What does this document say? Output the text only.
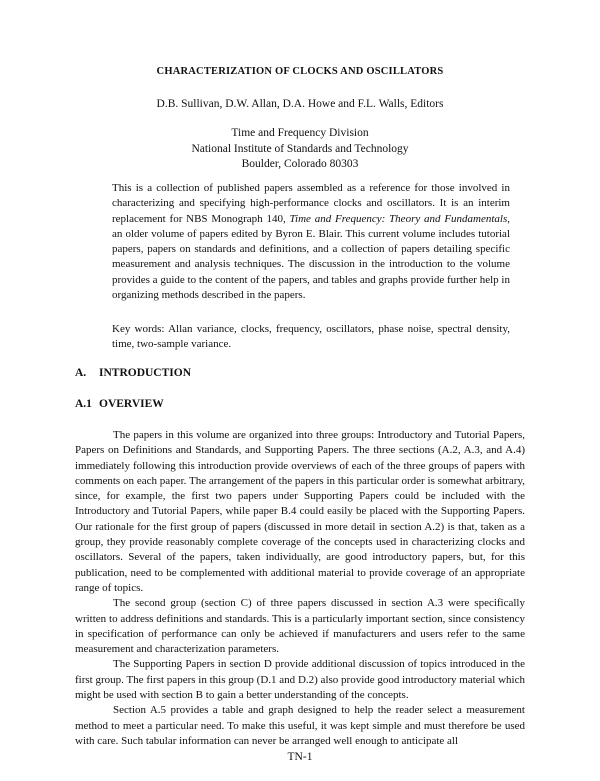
CHARACTERIZATION OF CLOCKS AND OSCILLATORS
D.B. Sullivan, D.W. Allan, D.A. Howe and F.L. Walls, Editors
Time and Frequency Division
National Institute of Standards and Technology
Boulder, Colorado 80303
This is a collection of published papers assembled as a reference for those involved in characterizing and specifying high-performance clocks and oscillators. It is an interim replacement for NBS Monograph 140, Time and Frequency: Theory and Fundamentals, an older volume of papers edited by Byron E. Blair. This current volume includes tutorial papers, papers on standards and definitions, and a collection of papers detailing specific measurement and analysis techniques. The discussion in the introduction to the volume provides a guide to the content of the papers, and tables and graphs provide further help in organizing methods described in the papers.
Key words: Allan variance, clocks, frequency, oscillators, phase noise, spectral density, time, two-sample variance.
A. INTRODUCTION
A.1 OVERVIEW

The papers in this volume are organized into three groups: Introductory and Tutorial Papers, Papers on Definitions and Standards, and Supporting Papers. The three sections (A.2, A.3, and A.4) immediately following this introduction provide overviews of each of the three groups of papers with comments on each paper. The arrangement of the papers in this particular order is somewhat arbitrary, since, for example, the first two papers under Supporting Papers could be included with the Introductory and Tutorial Papers, while paper B.4 could easily be placed with the Supporting Papers. Our rationale for the first group of papers (discussed in more detail in section A.2) is that, taken as a group, they provide reasonably complete coverage of the concepts used in characterizing clocks and oscillators. Several of the papers, taken individually, are good introductory papers, but, for this publication, need to be complemented with additional material to provide coverage of an appropriate range of topics.

The second group (section C) of three papers discussed in section A.3 were specifically written to address definitions and standards. This is a particularly important section, since consistency in specification of performance can only be achieved if manufacturers and users refer to the same measurement and characterization parameters.

The Supporting Papers in section D provide additional discussion of topics introduced in the first group. The first papers in this group (D.1 and D.2) also provide good introductory material which might be used with section B to gain a better understanding of the concepts.

Section A.5 provides a table and graph designed to help the reader select a measurement method to meet a particular need. To make this useful, it was kept simple and must therefore be used with care. Such tabular information can never be arranged well enough to anticipate all

TN-1
